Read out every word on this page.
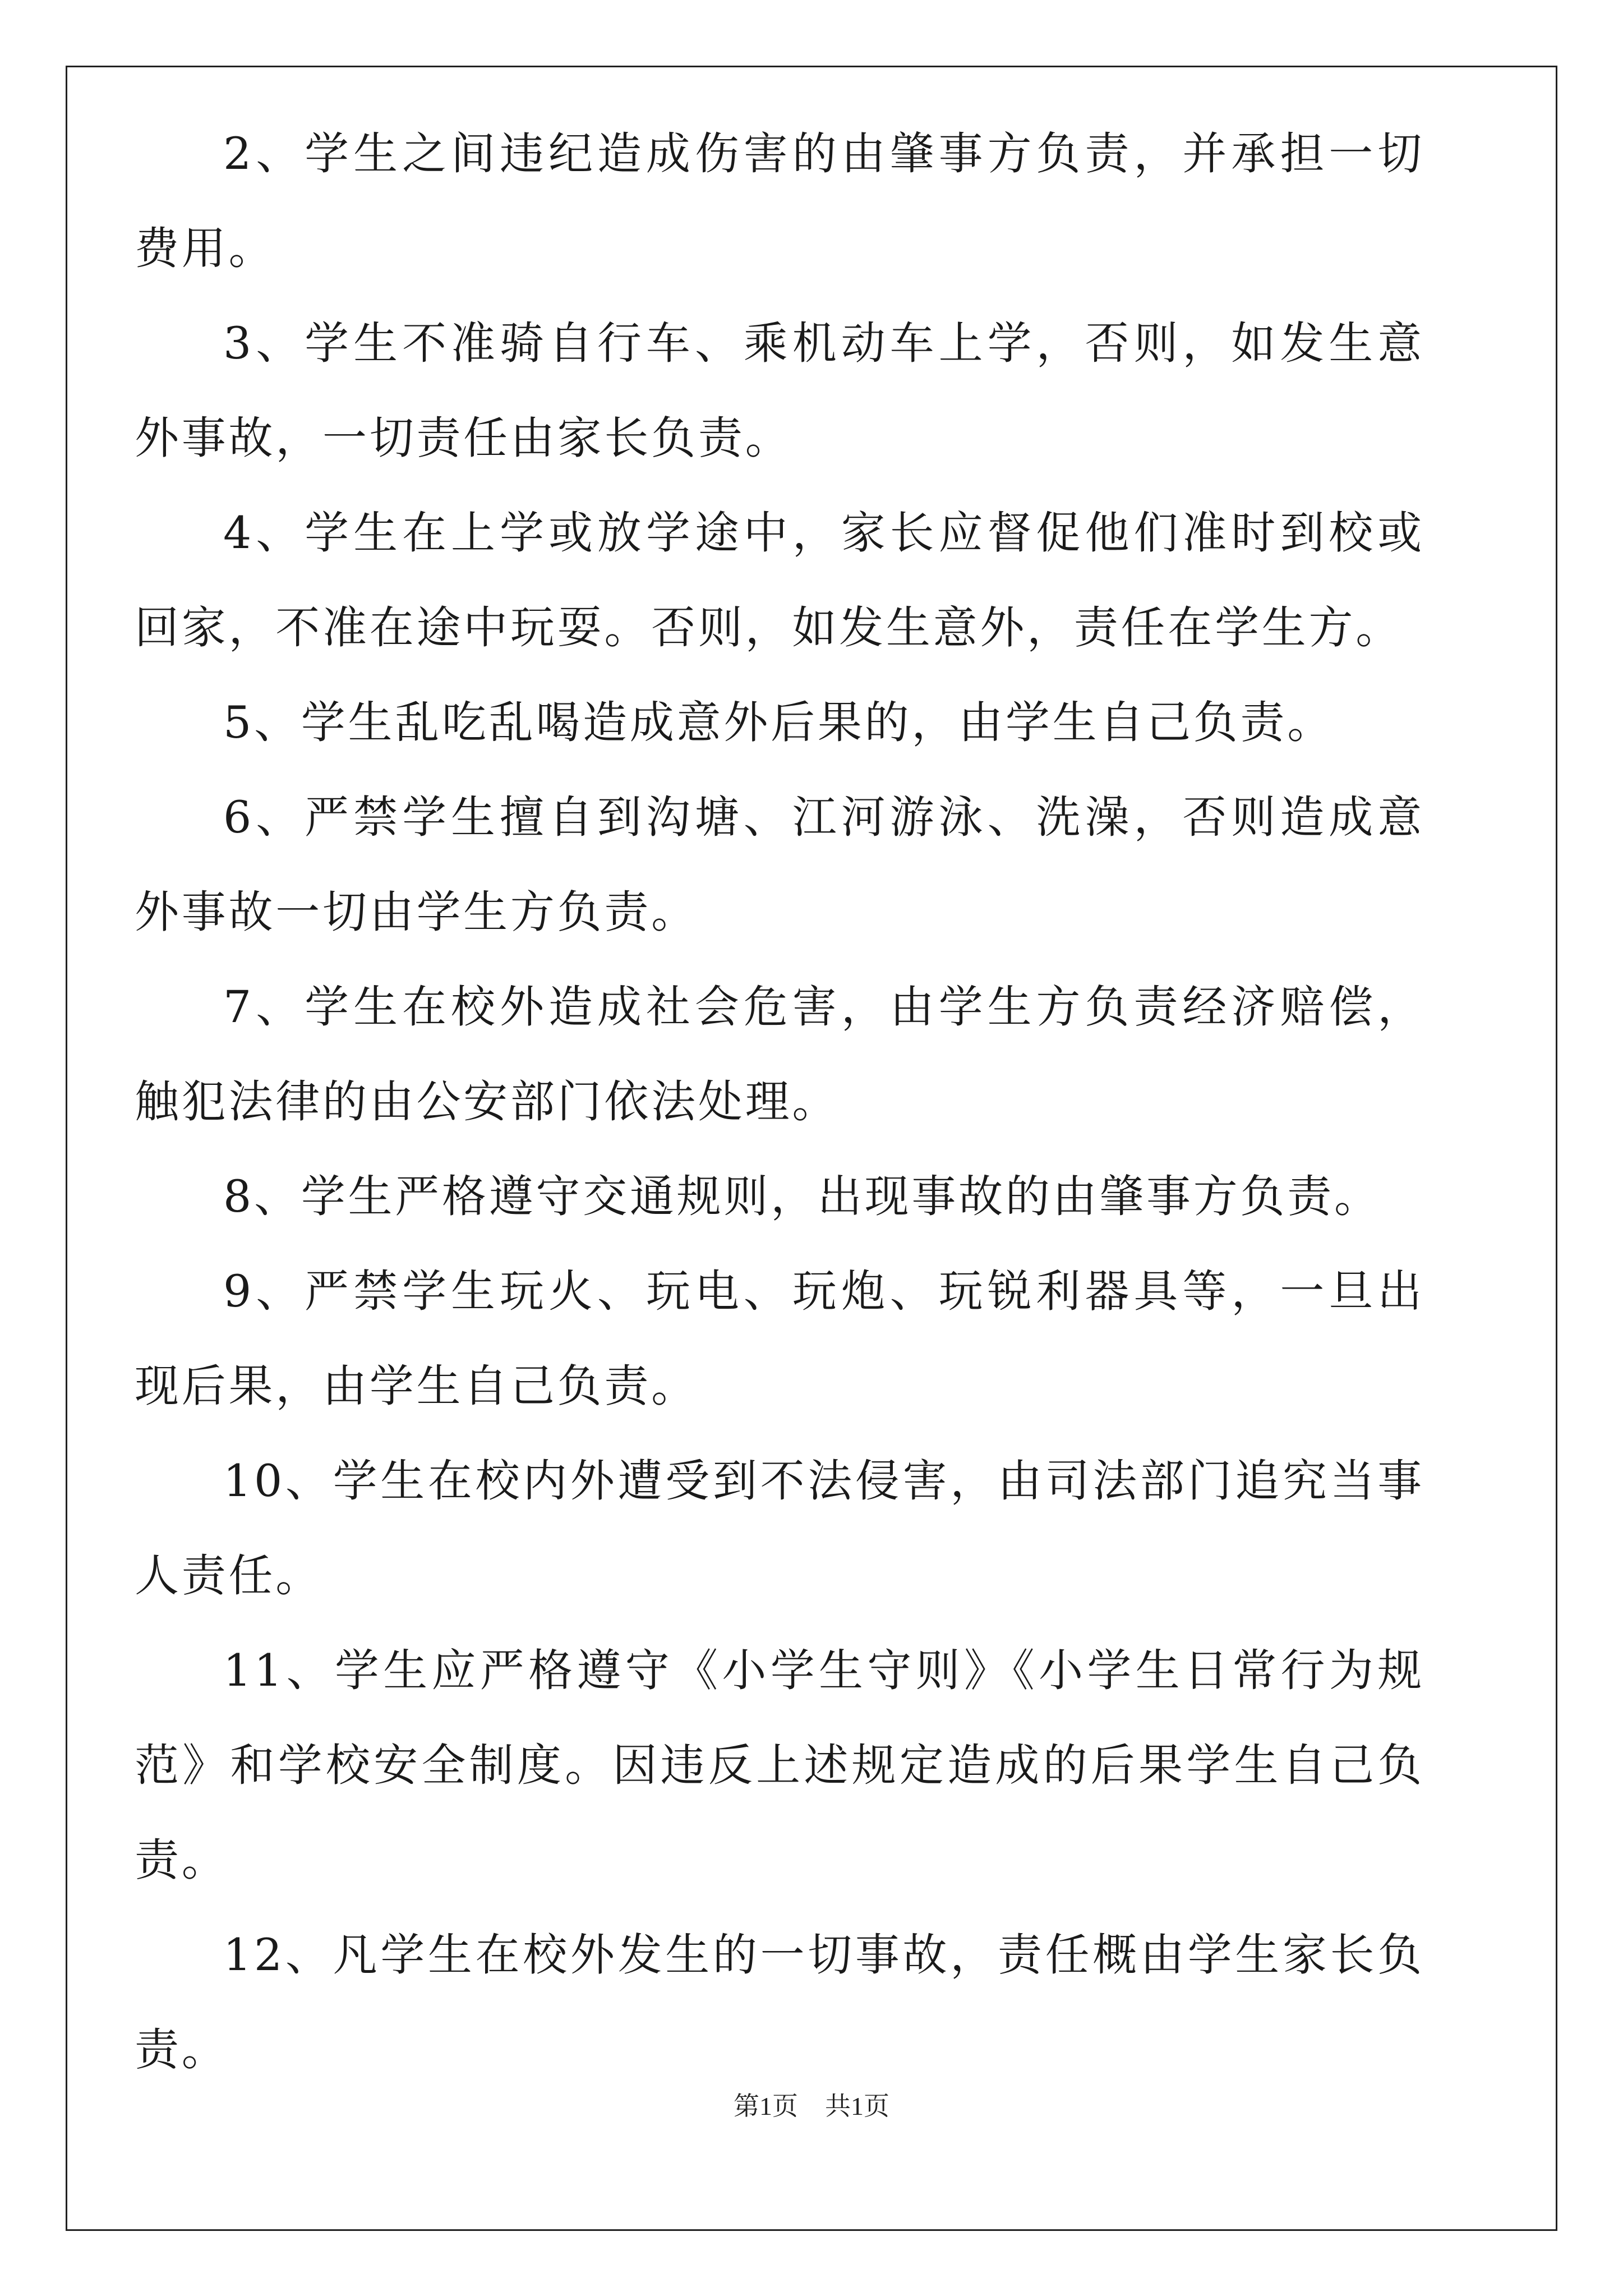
2、学生之间违纪造成伤害的由肇事方负责，并承担一切费用。

3、学生不准骑自行车、乘机动车上学，否则，如发生意外事故，一切责任由家长负责。

4、学生在上学或放学途中，家长应督促他们准时到校或回家，不准在途中玩耍。否则，如发生意外，责任在学生方。

5、学生乱吃乱喝造成意外后果的，由学生自己负责。

6、严禁学生擅自到沟塘、江河游泳、洗澡，否则造成意外事故一切由学生方负责。

7、学生在校外造成社会危害，由学生方负责经济赔偿，触犯法律的由公安部门依法处理。

8、学生严格遵守交通规则，出现事故的由肇事方负责。

9、严禁学生玩火、玩电、玩炮、玩锐利器具等，一旦出现后果，由学生自己负责。

10、学生在校内外遭受到不法侵害，由司法部门追究当事人责任。

11、学生应严格遵守《小学生守则》《小学生日常行为规范》和学校安全制度。因违反上述规定造成的后果学生自己负责。

12、凡学生在校外发生的一切事故，责任概由学生家长负责。

第1页 共1页
